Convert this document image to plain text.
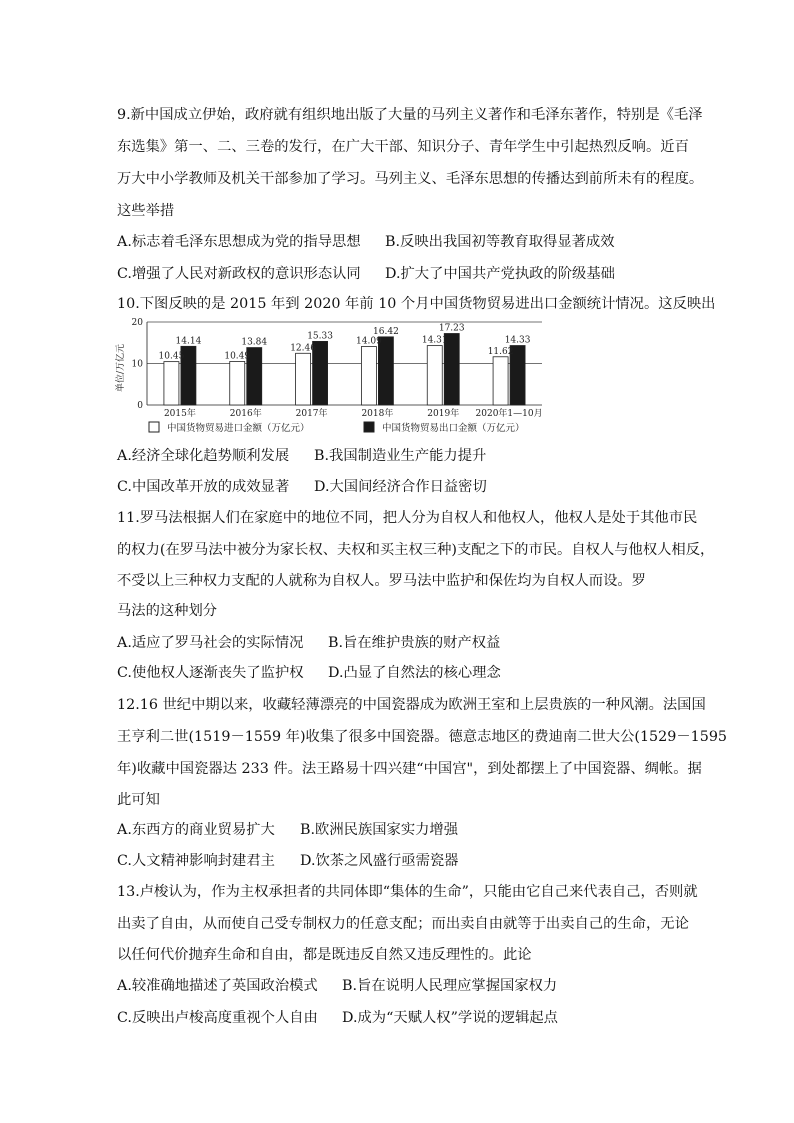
9.新中国成立伊始，政府就有组织地出版了大量的马列主义著作和毛泽东著作，特别是《毛泽
东选集》第一、二、三卷的发行，在广大干部、知识分子、青年学生中引起热烈反响。近百
万大中小学教师及机关干部参加了学习。马列主义、毛泽东思想的传播达到前所未有的程度。
这些举措
A.标志着毛泽东思想成为党的指导思想 B.反映出我国初等教育取得显著成效
C.增强了人民对新政权的意识形态认同 D.扩大了中国共产党执政的阶级基础
10.下图反映的是 2015 年到 2020 年前 10 个月中国货物贸易进出口金额统计情况。这反映出
10.45
14.14
10.49
13.84
12.46
15.33
14.09
16.42
14.31
17.23
11.62
14.33
0
10
20
2015年	2016年	2017年	2018年	2019年 2020年1—10月
单位/万亿元
中国货物贸易进口金额（万亿元）	中国货物贸易出口金额（万亿元）
A.经济全球化趋势顺利发展 B.我国制造业生产能力提升
C.中国改革开放的成效显著 D.大国间经济合作日益密切
11.罗马法根据人们在家庭中的地位不同，把人分为自权人和他权人，他权人是处于其他市民
的权力(在罗马法中被分为家长权、夫权和买主权三种)支配之下的市民。自权人与他权人相反，
不受以上三种权力支配的人就称为自权人。罗马法中监护和保佐均为自权人而设。罗
马法的这种划分
A.适应了罗马社会的实际情况 B.旨在维护贵族的财产权益
C.使他权人逐渐丧失了监护权 D.凸显了自然法的核心理念
12.16 世纪中期以来，收藏轻薄漂亮的中国瓷器成为欧洲王室和上层贵族的一种风潮。法国国
王亨利二世(1519－1559 年)收集了很多中国瓷器。德意志地区的费迪南二世大公(1529－1595
年)收藏中国瓷器达 233 件。法王路易十四兴建“中国宫"，到处都摆上了中国瓷器、绸帐。据
此可知
A.东西方的商业贸易扩大 B.欧洲民族国家实力增强
C.人文精神影响封建君主 D.饮茶之风盛行亟需瓷器
13.卢梭认为，作为主权承担者的共同体即“集体的生命”，只能由它自己来代表自己，否则就
出卖了自由，从而使自己受专制权力的任意支配；而出卖自由就等于出卖自己的生命，无论
以任何代价抛弃生命和自由，都是既违反自然又违反理性的。此论
A.较准确地描述了英国政治模式 B.旨在说明人民理应掌握国家权力
C.反映出卢梭高度重视个人自由 D.成为“天赋人权”学说的逻辑起点
